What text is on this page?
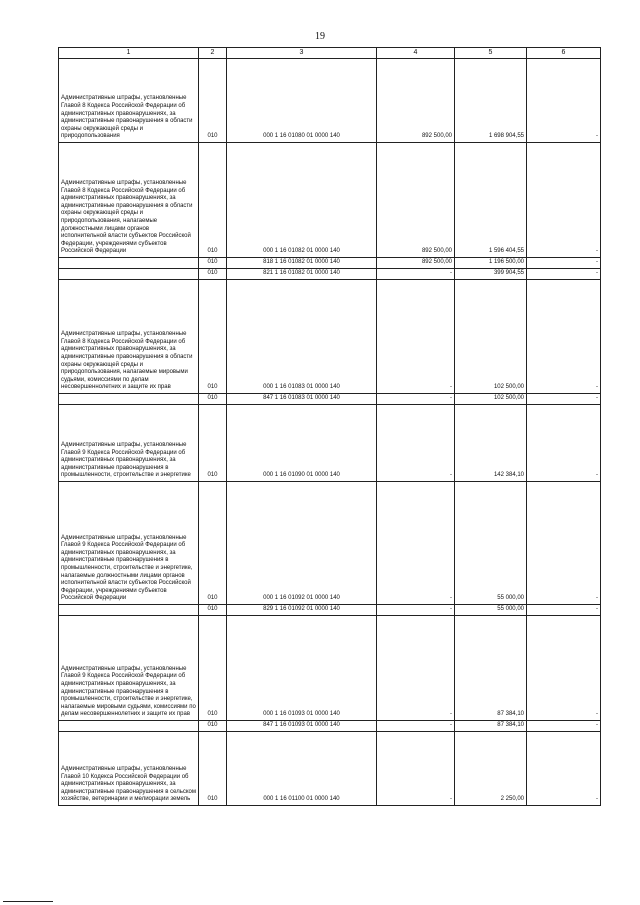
19
1	2	3	4	5	6
Административные штрафы, установленные Главой 8 Кодекса Российской Федерации об административных правонарушениях, за административные правонарушения в области охраны окружающей среды и природопользования	010	000 1 16 01080 01 0000 140	892 500,00	1 698 904,55	-
Административные штрафы, установленные Главой 8 Кодекса Российской Федерации об административных правонарушениях, за административные правонарушения в области охраны окружающей среды и природопользования, налагаемые должностными лицами органов исполнительной власти субъектов Российской Федерации, учреждениями субъектов Российской Федерации	010	000 1 16 01082 01 0000 140	892 500,00	1 596 404,55	-
	010	818 1 16 01082 01 0000 140	892 500,00	1 196 500,00	-
	010	821 1 16 01082 01 0000 140	-	399 904,55	-
Административные штрафы, установленные Главой 8 Кодекса Российской Федерации об административных правонарушениях, за административные правонарушения в области охраны окружающей среды и природопользования, налагаемые мировыми судьями, комиссиями по делам несовершеннолетних и защите их прав	010	000 1 16 01083 01 0000 140	-	102 500,00	-
	010	847 1 16 01083 01 0000 140	-	102 500,00	-
Административные штрафы, установленные Главой 9 Кодекса Российской Федерации об административных правонарушениях, за административные правонарушения в промышленности, строительстве и энергетике	010	000 1 16 01090 01 0000 140	-	142 384,10	-
Административные штрафы, установленные Главой 9 Кодекса Российской Федерации об административных правонарушениях, за административные правонарушения в промышленности, строительстве и энергетике, налагаемые должностными лицами органов исполнительной власти субъектов Российской Федерации, учреждениями субъектов Российской Федерации	010	000 1 16 01092 01 0000 140	-	55 000,00	-
	010	829 1 16 01092 01 0000 140	-	55 000,00	-
Административные штрафы, установленные Главой 9 Кодекса Российской Федерации об административных правонарушениях, за административные правонарушения в промышленности, строительстве и энергетике, налагаемые мировыми судьями, комиссиями по делам несовершеннолетних и защите их прав	010	000 1 16 01093 01 0000 140	-	87 384,10	-
	010	847 1 16 01093 01 0000 140	-	87 384,10	-
Административные штрафы, установленные Главой 10 Кодекса Российской Федерации об административных правонарушениях, за административные правонарушения в сельском хозяйстве, ветеринарии и мелиорации земель	010	000 1 16 01100 01 0000 140	-	2 250,00	-
